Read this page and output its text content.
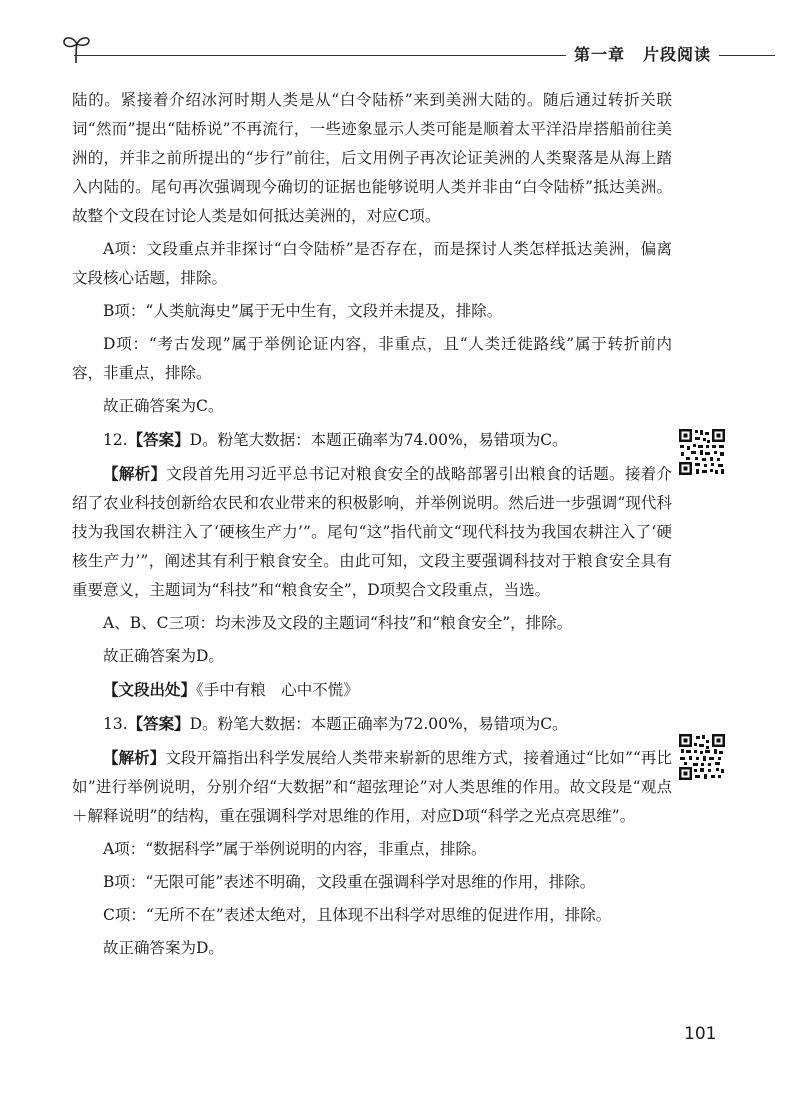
第一章 片段阅读

陆的。紧接着介绍冰河时期人类是从“白令陆桥”来到美洲大陆的。随后通过转折关联词“然而”提出“陆桥说”不再流行，一些迹象显示人类可能是顺着太平洋沿岸搭船前往美洲的，并非之前所提出的“步行”前往，后文用例子再次论证美洲的人类聚落是从海上踏入内陆的。尾句再次强调现今确切的证据也能够说明人类并非由“白令陆桥”抵达美洲。故整个文段在讨论人类是如何抵达美洲的，对应C项。

A项：文段重点并非探讨“白令陆桥”是否存在，而是探讨人类怎样抵达美洲，偏离文段核心话题，排除。

B项：“人类航海史”属于无中生有，文段并未提及，排除。

D项：“考古发现”属于举例论证内容，非重点，且“人类迁徙路线”属于转折前内容，非重点，排除。

故正确答案为C。

12.【答案】D。粉笔大数据：本题正确率为74.00%，易错项为C。

【解析】文段首先用习近平总书记对粮食安全的战略部署引出粮食的话题。接着介绍了农业科技创新给农民和农业带来的积极影响，并举例说明。然后进一步强调“现代科技为我国农耕注入了‘硬核生产力’”。尾句“这”指代前文“现代科技为我国农耕注入了‘硬核生产力’”，阐述其有利于粮食安全。由此可知，文段主要强调科技对于粮食安全具有重要意义，主题词为“科技”和“粮食安全”，D项契合文段重点，当选。

A、B、C三项：均未涉及文段的主题词“科技”和“粮食安全”，排除。

故正确答案为D。

【文段出处】《手中有粮　心中不慌》

13.【答案】D。粉笔大数据：本题正确率为72.00%，易错项为C。

【解析】文段开篇指出科学发展给人类带来崭新的思维方式，接着通过“比如”“再比如”进行举例说明，分别介绍“大数据”和“超弦理论”对人类思维的作用。故文段是“观点＋解释说明”的结构，重在强调科学对思维的作用，对应D项“科学之光点亮思维”。

A项：“数据科学”属于举例说明的内容，非重点，排除。

B项：“无限可能”表述不明确，文段重在强调科学对思维的作用，排除。

C项：“无所不在”表述太绝对，且体现不出科学对思维的促进作用，排除。

故正确答案为D。

101
